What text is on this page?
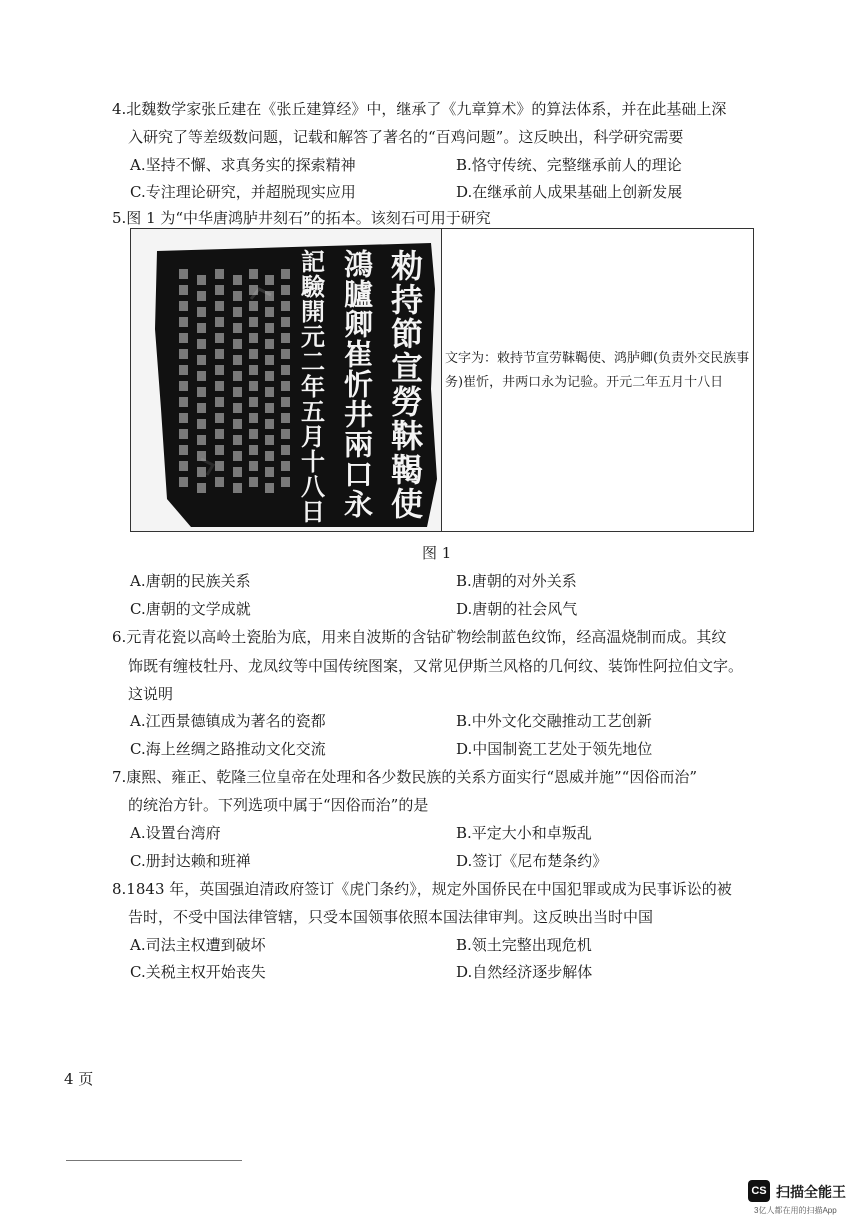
4.北魏数学家张丘建在《张丘建算经》中，继承了《九章算术》的算法体系，并在此基础上深
入研究了等差级数问题，记载和解答了著名的“百鸡问题”。这反映出，科学研究需要
A.坚持不懈、求真务实的探索精神	B.恪守传统、完整继承前人的理论
C.专注理论研究，并超脱现实应用	D.在继承前人成果基础上创新发展
5.图 1 为“中华唐鸿胪井刻石”的拓本。该刻石可用于研究
勑持節宣勞靺鞨使
鴻臚卿崔忻井兩口永
記驗開元二年五月十八日	文字为：敕持节宣劳靺鞨使、鸿胪卿(负责外交民族事务)崔忻，井两口永为记验。开元二年五月十八日
图 1
A.唐朝的民族关系	B.唐朝的对外关系
C.唐朝的文学成就	D.唐朝的社会风气
6.元青花瓷以高岭土瓷胎为底，用来自波斯的含钴矿物绘制蓝色纹饰，经高温烧制而成。其纹
饰既有缠枝牡丹、龙凤纹等中国传统图案，又常见伊斯兰风格的几何纹、装饰性阿拉伯文字。
这说明
A.江西景德镇成为著名的瓷都	B.中外文化交融推动工艺创新
C.海上丝绸之路推动文化交流	D.中国制瓷工艺处于领先地位
7.康熙、雍正、乾隆三位皇帝在处理和各少数民族的关系方面实行“恩威并施”“因俗而治”
的统治方针。下列选项中属于“因俗而治”的是
A.设置台湾府	B.平定大小和卓叛乱
C.册封达赖和班禅	D.签订《尼布楚条约》
8.1843 年，英国强迫清政府签订《虎门条约》，规定外国侨民在中国犯罪或成为民事诉讼的被
告时，不受中国法律管辖，只受本国领事依照本国法律审判。这反映出当时中国
A.司法主权遭到破坏	B.领土完整出现危机
C.关税主权开始丧失	D.自然经济逐步解体
4 页
CS 扫描全能王
3亿人都在用的扫描App
